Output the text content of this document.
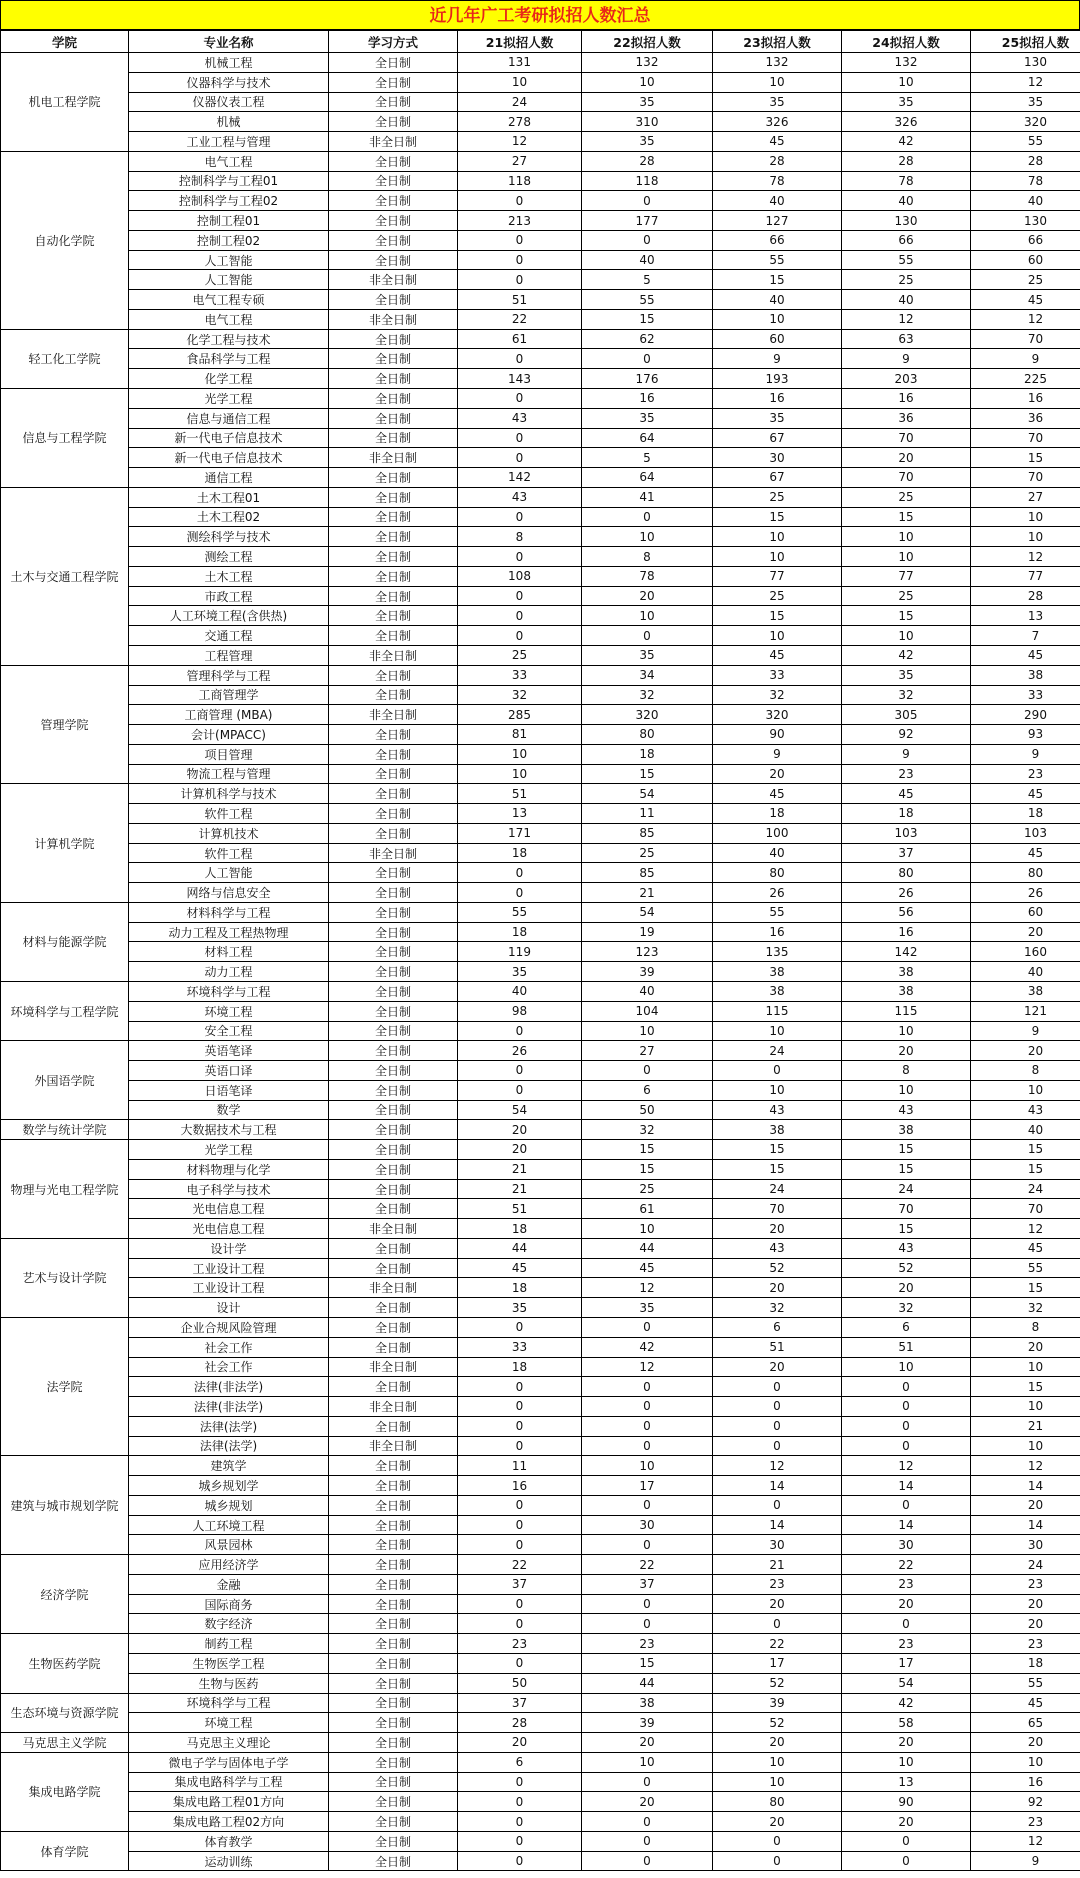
近几年广工考研拟招人数汇总
学院	专业名称	学习方式	21拟招人数	22拟招人数	23拟招人数	24拟招人数	25拟招人数
机电工程学院	机械工程	全日制	131	132	132	132	130
	仪器科学与技术	全日制	10	10	10	10	12
	仪器仪表工程	全日制	24	35	35	35	35
	机械	全日制	278	310	326	326	320
	工业工程与管理	非全日制	12	35	45	42	55
自动化学院	电气工程	全日制	27	28	28	28	28
	控制科学与工程01	全日制	118	118	78	78	78
	控制科学与工程02	全日制	0	0	40	40	40
	控制工程01	全日制	213	177	127	130	130
	控制工程02	全日制	0	0	66	66	66
	人工智能	全日制	0	40	55	55	60
	人工智能	非全日制	0	5	15	25	25
	电气工程专硕	全日制	51	55	40	40	45
	电气工程	非全日制	22	15	10	12	12
轻工化工学院	化学工程与技术	全日制	61	62	60	63	70
	食品科学与工程	全日制	0	0	9	9	9
	化学工程	全日制	143	176	193	203	225
信息与工程学院	光学工程	全日制	0	16	16	16	16
	信息与通信工程	全日制	43	35	35	36	36
	新一代电子信息技术	全日制	0	64	67	70	70
	新一代电子信息技术	非全日制	0	5	30	20	15
	通信工程	全日制	142	64	67	70	70
土木与交通工程学院	土木工程01	全日制	43	41	25	25	27
	土木工程02	全日制	0	0	15	15	10
	测绘科学与技术	全日制	8	10	10	10	10
	测绘工程	全日制	0	8	10	10	12
	土木工程	全日制	108	78	77	77	77
	市政工程	全日制	0	20	25	25	28
	人工环境工程(含供热)	全日制	0	10	15	15	13
	交通工程	全日制	0	0	10	10	7
	工程管理	非全日制	25	35	45	42	45
管理学院	管理科学与工程	全日制	33	34	33	35	38
	工商管理学	全日制	32	32	32	32	33
	工商管理 (MBA)	非全日制	285	320	320	305	290
	会计(MPACC)	全日制	81	80	90	92	93
	项目管理	全日制	10	18	9	9	9
	物流工程与管理	全日制	10	15	20	23	23
计算机学院	计算机科学与技术	全日制	51	54	45	45	45
	软件工程	全日制	13	11	18	18	18
	计算机技术	全日制	171	85	100	103	103
	软件工程	非全日制	18	25	40	37	45
	人工智能	全日制	0	85	80	80	80
	网络与信息安全	全日制	0	21	26	26	26
材料与能源学院	材料科学与工程	全日制	55	54	55	56	60
	动力工程及工程热物理	全日制	18	19	16	16	20
	材料工程	全日制	119	123	135	142	160
	动力工程	全日制	35	39	38	38	40
环境科学与工程学院	环境科学与工程	全日制	40	40	38	38	38
	环境工程	全日制	98	104	115	115	121
	安全工程	全日制	0	10	10	10	9
外国语学院	英语笔译	全日制	26	27	24	20	20
	英语口译	全日制	0	0	0	8	8
	日语笔译	全日制	0	6	10	10	10
	数学	全日制	54	50	43	43	43
数学与统计学院	大数据技术与工程	全日制	20	32	38	38	40
物理与光电工程学院	光学工程	全日制	20	15	15	15	15
	材料物理与化学	全日制	21	15	15	15	15
	电子科学与技术	全日制	21	25	24	24	24
	光电信息工程	全日制	51	61	70	70	70
	光电信息工程	非全日制	18	10	20	15	12
艺术与设计学院	设计学	全日制	44	44	43	43	45
	工业设计工程	全日制	45	45	52	52	55
	工业设计工程	非全日制	18	12	20	20	15
	设计	全日制	35	35	32	32	32
法学院	企业合规风险管理	全日制	0	0	6	6	8
	社会工作	全日制	33	42	51	51	20
	社会工作	非全日制	18	12	20	10	10
	法律(非法学)	全日制	0	0	0	0	15
	法律(非法学)	非全日制	0	0	0	0	10
	法律(法学)	全日制	0	0	0	0	21
	法律(法学)	非全日制	0	0	0	0	10
建筑与城市规划学院	建筑学	全日制	11	10	12	12	12
	城乡规划学	全日制	16	17	14	14	14
	城乡规划	全日制	0	0	0	0	20
	人工环境工程	全日制	0	30	14	14	14
	风景园林	全日制	0	0	30	30	30
经济学院	应用经济学	全日制	22	22	21	22	24
	金融	全日制	37	37	23	23	23
	国际商务	全日制	0	0	20	20	20
	数字经济	全日制	0	0	0	0	20
生物医药学院	制药工程	全日制	23	23	22	23	23
	生物医学工程	全日制	0	15	17	17	18
	生物与医药	全日制	50	44	52	54	55
生态环境与资源学院	环境科学与工程	全日制	37	38	39	42	45
	环境工程	全日制	28	39	52	58	65
马克思主义学院	马克思主义理论	全日制	20	20	20	20	20
集成电路学院	微电子学与固体电子学	全日制	6	10	10	10	10
	集成电路科学与工程	全日制	0	0	10	13	16
	集成电路工程01方向	全日制	0	20	80	90	92
	集成电路工程02方向	全日制	0	0	20	20	23
体育学院	体育教学	全日制	0	0	0	0	12
	运动训练	全日制	0	0	0	0	9
